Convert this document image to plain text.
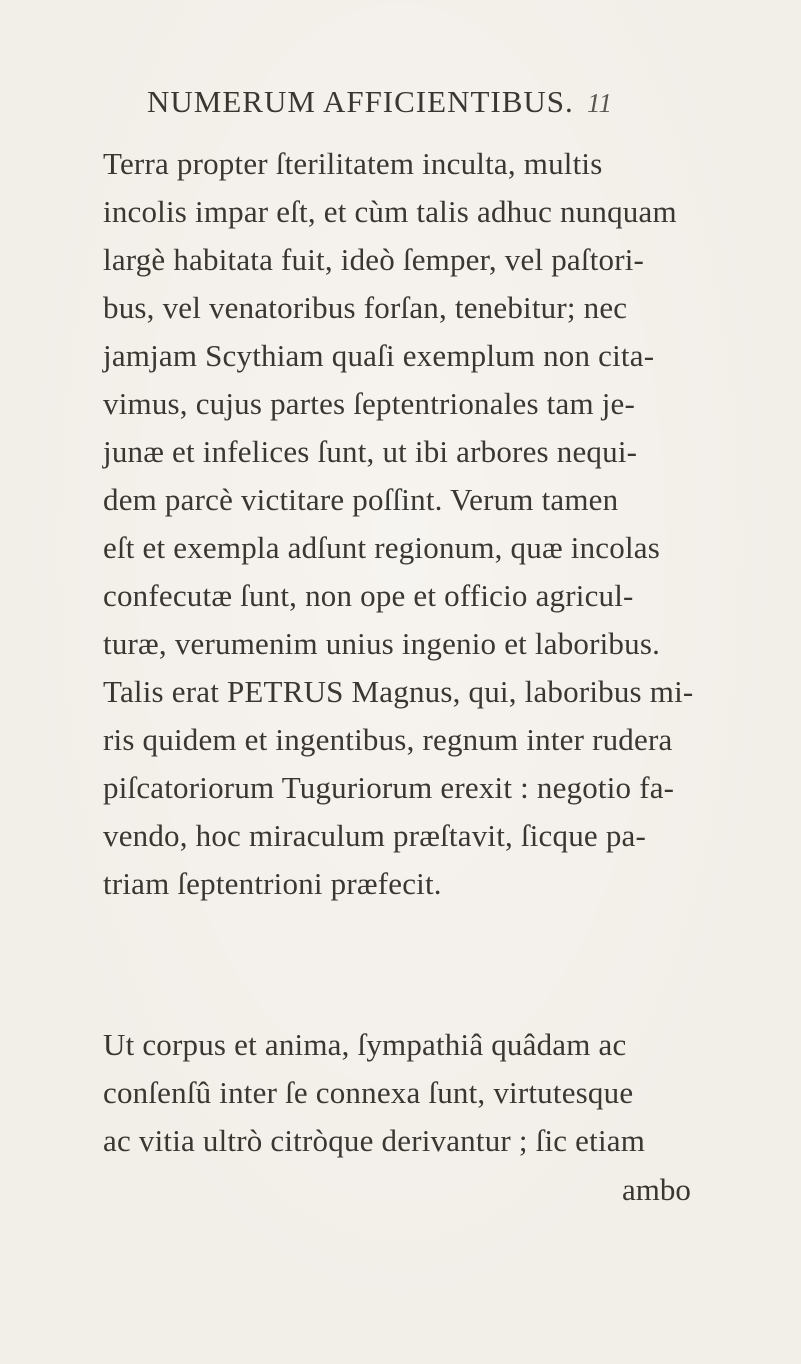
NUMERUM AFFICIENTIBUS. 11
Terra propter ſterilitatem inculta, multis
incolis impar eſt, et cùm talis adhuc nunquam
largè habitata fuit, ideò ſemper, vel paſtori-
bus, vel venatoribus forſan, tenebitur; nec
jamjam Scythiam quaſi exemplum non cita-
vimus, cujus partes ſeptentrionales tam je-
junæ et infelices ſunt, ut ibi arbores nequi-
dem parcè victitare poſſint. Verum tamen
eſt et exempla adſunt regionum, quæ incolas
confecutæ ſunt, non ope et officio agricul-
turæ, verumenim unius ingenio et laboribus.
Talis erat PETRUS Magnus, qui, laboribus mi-
ris quidem et ingentibus, regnum inter rudera
piſcatoriorum Tuguriorum erexit : negotio fa-
vendo, hoc miraculum præſtavit, ſicque pa-
triam ſeptentrioni præfecit.
Ut corpus et anima, ſympathiâ quâdam ac
conſenſû inter ſe connexa ſunt, virtutesque
ac vitia ultrò citròque derivantur ; ſic etiam
ambo
